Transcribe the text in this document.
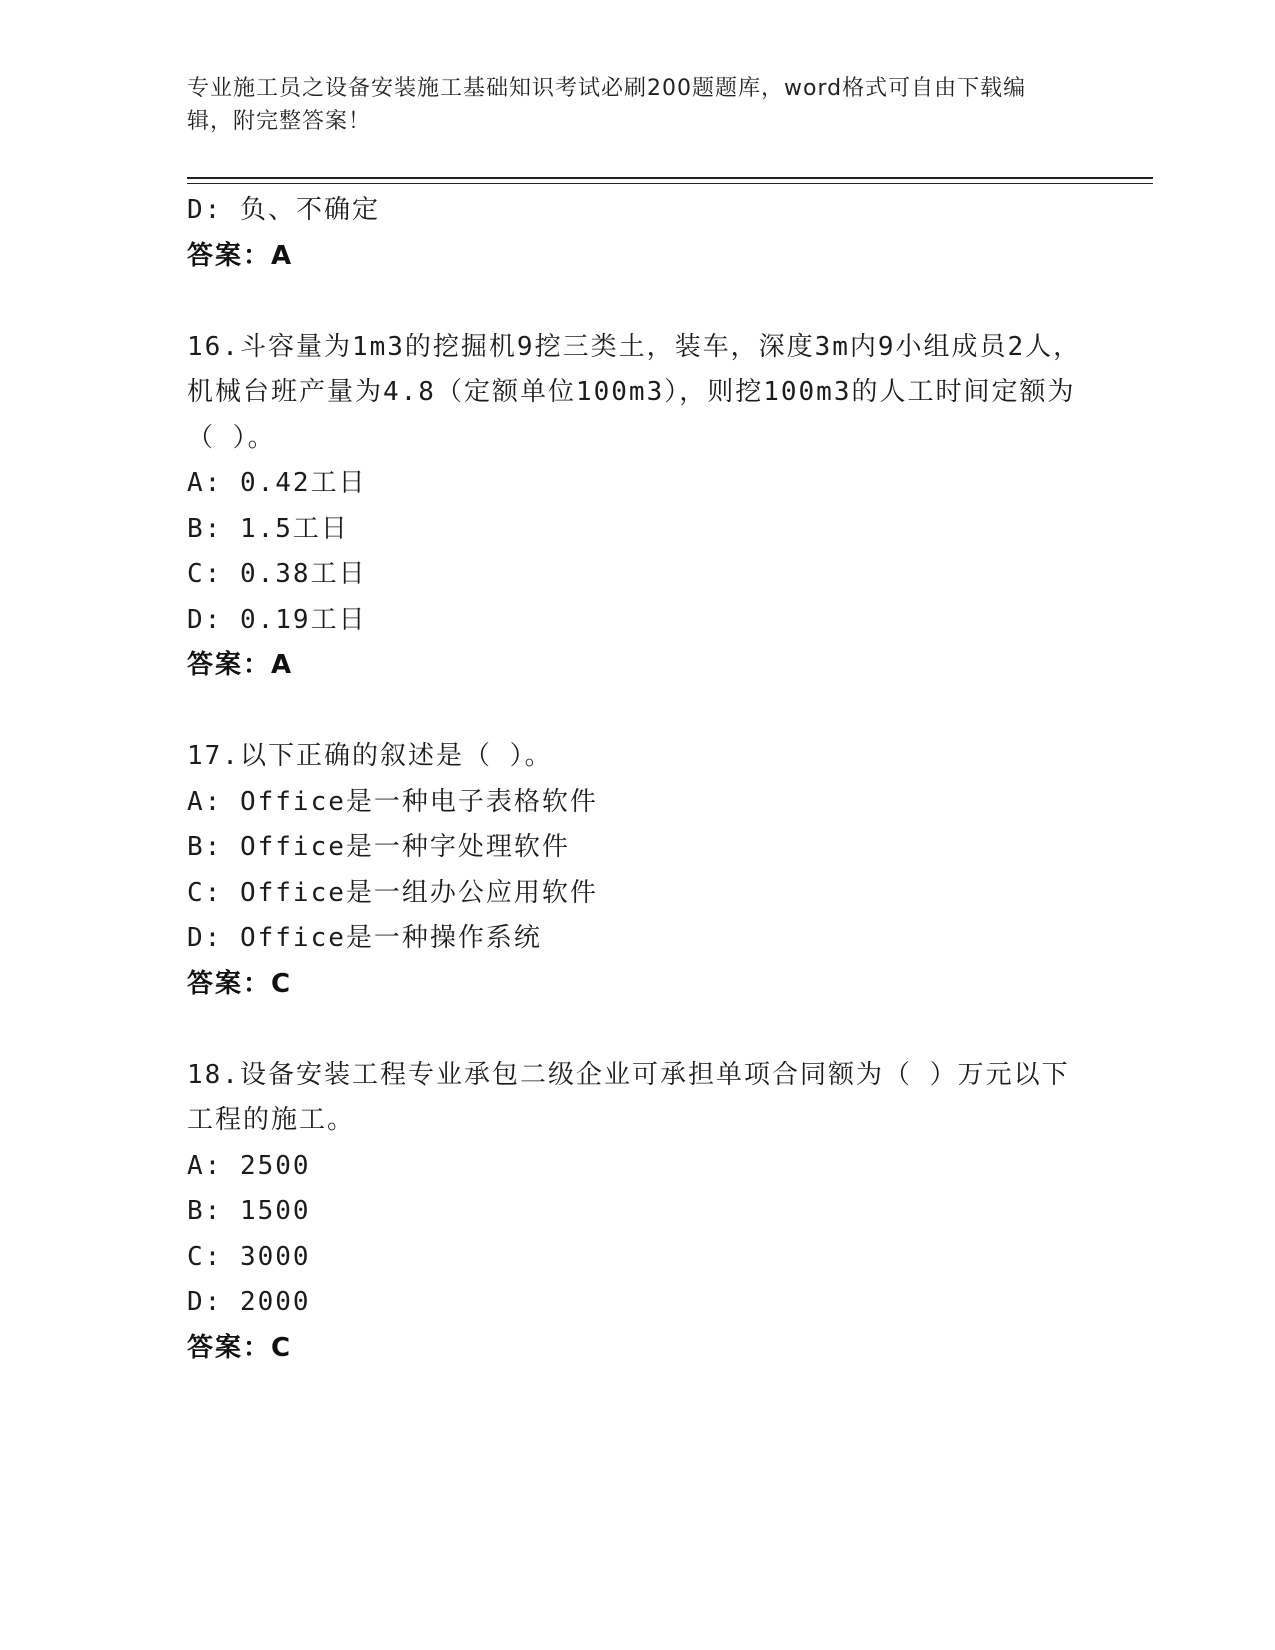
专业施工员之设备安装施工基础知识考试必刷200题题库，word格式可自由下载编辑，附完整答案！
D: 负、不确定
答案：A
16.斗容量为1m3的挖掘机9挖三类土，装车，深度3m内9小组成员2人，机械台班产量为4.8（定额单位100m3），则挖100m3的人工时间定额为（ ）。
A: 0.42工日
B: 1.5工日
C: 0.38工日
D: 0.19工日
答案：A
17.以下正确的叙述是（ ）。
A: Office是一种电子表格软件
B: Office是一种字处理软件
C: Office是一组办公应用软件
D: Office是一种操作系统
答案：C
18.设备安装工程专业承包二级企业可承担单项合同额为（ ）万元以下工程的施工。
A: 2500
B: 1500
C: 3000
D: 2000
答案：C
